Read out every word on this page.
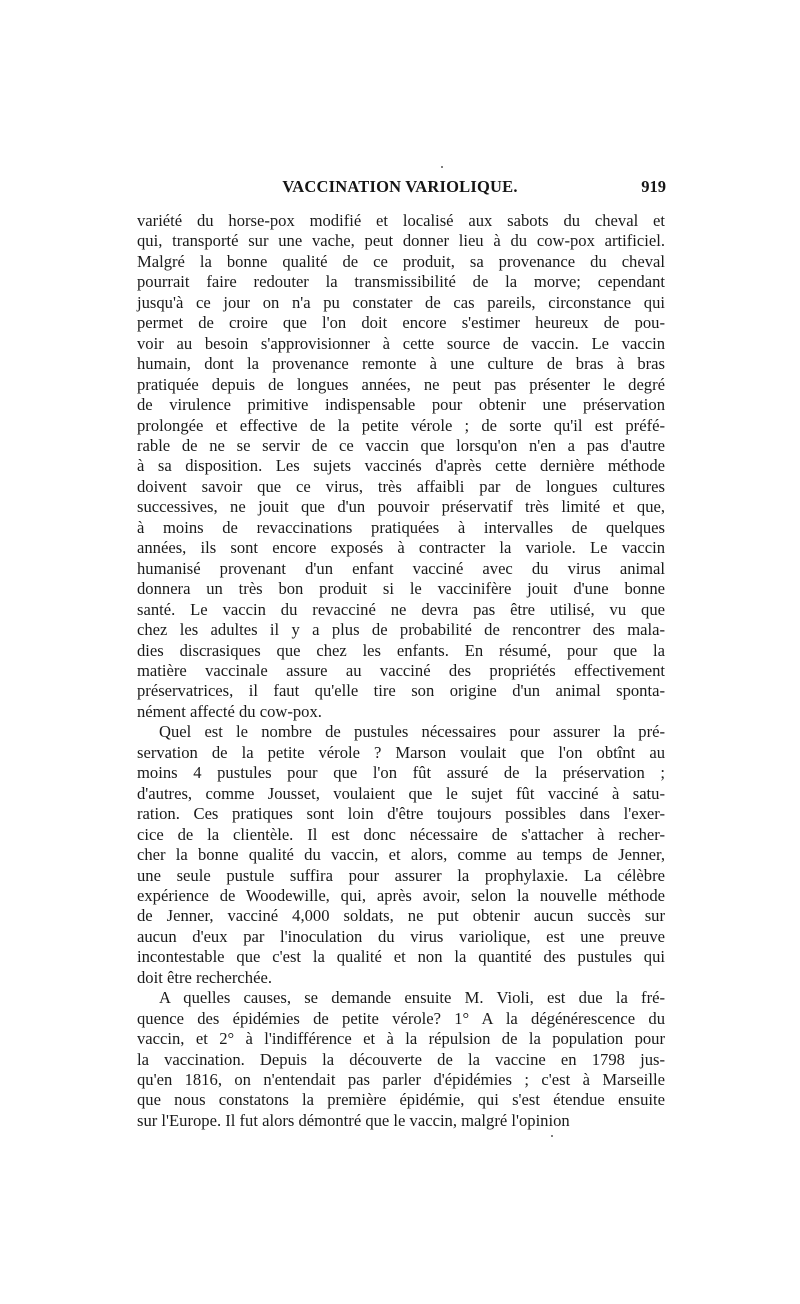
VACCINATION VARIOLIQUE.	919
variété du horse-pox modifié et localisé aux sabots du cheval et
qui, transporté sur une vache, peut donner lieu à du cow-pox artificiel.
Malgré la bonne qualité de ce produit, sa provenance du cheval
pourrait faire redouter la transmissibilité de la morve; cependant
jusqu'à ce jour on n'a pu constater de cas pareils, circonstance qui
permet de croire que l'on doit encore s'estimer heureux de pou-
voir au besoin s'approvisionner à cette source de vaccin. Le vaccin
humain, dont la provenance remonte à une culture de bras à bras
pratiquée depuis de longues années, ne peut pas présenter le degré
de virulence primitive indispensable pour obtenir une préservation
prolongée et effective de la petite vérole ; de sorte qu'il est préfé-
rable de ne se servir de ce vaccin que lorsqu'on n'en a pas d'autre
à sa disposition. Les sujets vaccinés d'après cette dernière méthode
doivent savoir que ce virus, très affaibli par de longues cultures
successives, ne jouit que d'un pouvoir préservatif très limité et que,
à moins de revaccinations pratiquées à intervalles de quelques
années, ils sont encore exposés à contracter la variole. Le vaccin
humanisé provenant d'un enfant vacciné avec du virus animal
donnera un très bon produit si le vaccinifère jouit d'une bonne
santé. Le vaccin du revacciné ne devra pas être utilisé, vu que
chez les adultes il y a plus de probabilité de rencontrer des mala-
dies discrasiques que chez les enfants. En résumé, pour que la
matière vaccinale assure au vacciné des propriétés effectivement
préservatrices, il faut qu'elle tire son origine d'un animal sponta-
nément affecté du cow-pox.
Quel est le nombre de pustules nécessaires pour assurer la pré-
servation de la petite vérole ? Marson voulait que l'on obtînt au
moins 4 pustules pour que l'on fût assuré de la préservation ;
d'autres, comme Jousset, voulaient que le sujet fût vacciné à satu-
ration. Ces pratiques sont loin d'être toujours possibles dans l'exer-
cice de la clientèle. Il est donc nécessaire de s'attacher à recher-
cher la bonne qualité du vaccin, et alors, comme au temps de Jenner,
une seule pustule suffira pour assurer la prophylaxie. La célèbre
expérience de Woodewille, qui, après avoir, selon la nouvelle méthode
de Jenner, vacciné 4,000 soldats, ne put obtenir aucun succès sur
aucun d'eux par l'inoculation du virus variolique, est une preuve
incontestable que c'est la qualité et non la quantité des pustules qui
doit être recherchée.
A quelles causes, se demande ensuite M. Violi, est due la fré-
quence des épidémies de petite vérole? 1° A la dégénérescence du
vaccin, et 2° à l'indifférence et à la répulsion de la population pour
la vaccination. Depuis la découverte de la vaccine en 1798 jus-
qu'en 1816, on n'entendait pas parler d'épidémies ; c'est à Marseille
que nous constatons la première épidémie, qui s'est étendue ensuite
sur l'Europe. Il fut alors démontré que le vaccin, malgré l'opinion
